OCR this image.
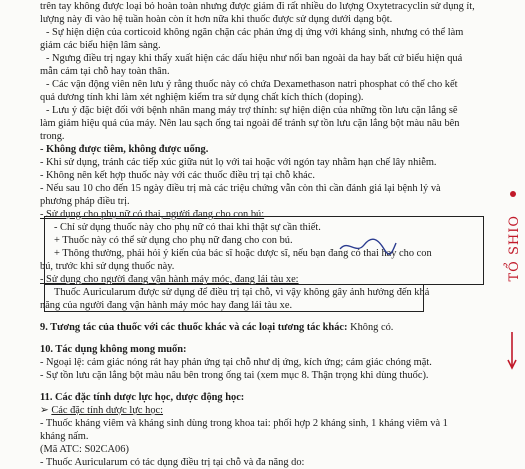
trên tay không được loại bỏ hoàn toàn nhưng được giảm đi rất nhiều do lượng Oxytetracyclin sử dụng ít,
lượng này đi vào hệ tuần hoàn còn ít hơn nữa khi thuốc được sử dụng dưới dạng bột.
- Sự hiện diện của corticoid không ngăn chặn các phản ứng dị ứng với kháng sinh, nhưng có thể làm
giảm các biểu hiện lâm sàng.
- Ngưng điều trị ngay khi thấy xuất hiện các dấu hiệu như nổi ban ngoài da hay bất cứ biểu hiện quá
mẫn cảm tại chỗ hay toàn thân.
- Các vận động viên nên lưu ý rằng thuốc này có chứa Dexamethason natri phosphat có thể cho kết
quả dương tính khi làm xét nghiệm kiểm tra sử dụng chất kích thích (doping).
- Lưu ý đặc biệt đối với bệnh nhân mang máy trợ thính: sự hiện diện của những tồn lưu cặn lắng sẽ
làm giảm hiệu quả của máy. Nên lau sạch ống tai ngoài để tránh sự tồn lưu cặn lắng bột màu nâu bên
trong.
- Không được tiêm, không được uống.
- Khi sử dụng, tránh các tiếp xúc giữa nút lọ với tai hoặc với ngón tay nhằm hạn chế lây nhiễm.
- Không nên kết hợp thuốc này với các thuốc điều trị tại chỗ khác.
- Nếu sau 10 cho đến 15 ngày điều trị mà các triệu chứng vẫn còn thì cần đánh giá lại bệnh lý và
phương pháp điều trị.
- Sử dụng cho phụ nữ có thai, người đang cho con bú:
- Chỉ sử dụng thuốc này cho phụ nữ có thai khi thật sự cần thiết.
+ Thuốc này có thể sử dụng cho phụ nữ đang cho con bú.
+ Thông thường, phải hỏi ý kiến của bác sĩ hoặc dược sĩ, nếu bạn đang có thai hay cho con
bú, trước khi sử dụng thuốc này.
- Sử dụng cho người đang vận hành máy móc, đang lái tàu xe:
Thuốc Auricularum được sử dụng để điều trị tại chỗ, vì vậy không gây ảnh hưởng đến khả
năng của người đang vận hành máy móc hay đang lái tàu xe.
9. Tương tác của thuốc với các thuốc khác và các loại tương tác khác: Không có.
10. Tác dụng không mong muốn:
- Ngoại lệ: cảm giác nóng rát hay phản ứng tại chỗ như dị ứng, kích ứng; cảm giác chóng mặt.
- Sự tồn lưu cặn lắng bột màu nâu bên trong ống tai (xem mục 8. Thận trọng khi dùng thuốc).
11. Các đặc tính dược lực học, dược động học:
➢ Các đặc tính dược lực học:
- Thuốc kháng viêm và kháng sinh dùng trong khoa tai: phối hợp 2 kháng sinh, 1 kháng viêm và 1
kháng nấm.
(Mã ATC: S02CA06)
- Thuốc Auricularum có tác dụng điều trị tại chỗ và đa năng do:
TỔ SHIO
